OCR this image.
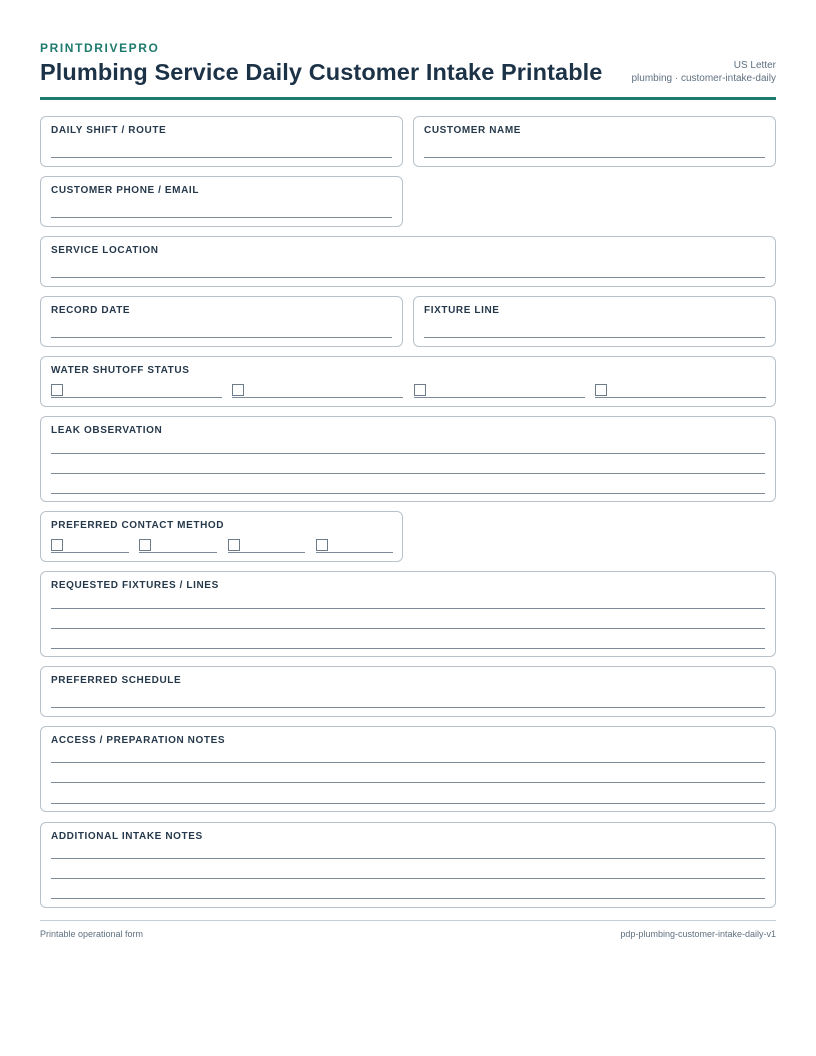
PRINTDRIVEPRO
Plumbing Service Daily Customer Intake Printable	US Letter
plumbing · customer-intake-daily
DAILY SHIFT / ROUTE	CUSTOMER NAME
CUSTOMER PHONE / EMAIL
SERVICE LOCATION
RECORD DATE	FIXTURE LINE
WATER SHUTOFF STATUS
LEAK OBSERVATION
PREFERRED CONTACT METHOD
REQUESTED FIXTURES / LINES
PREFERRED SCHEDULE
ACCESS / PREPARATION NOTES
ADDITIONAL INTAKE NOTES
Printable operational form	pdp-plumbing-customer-intake-daily-v1
